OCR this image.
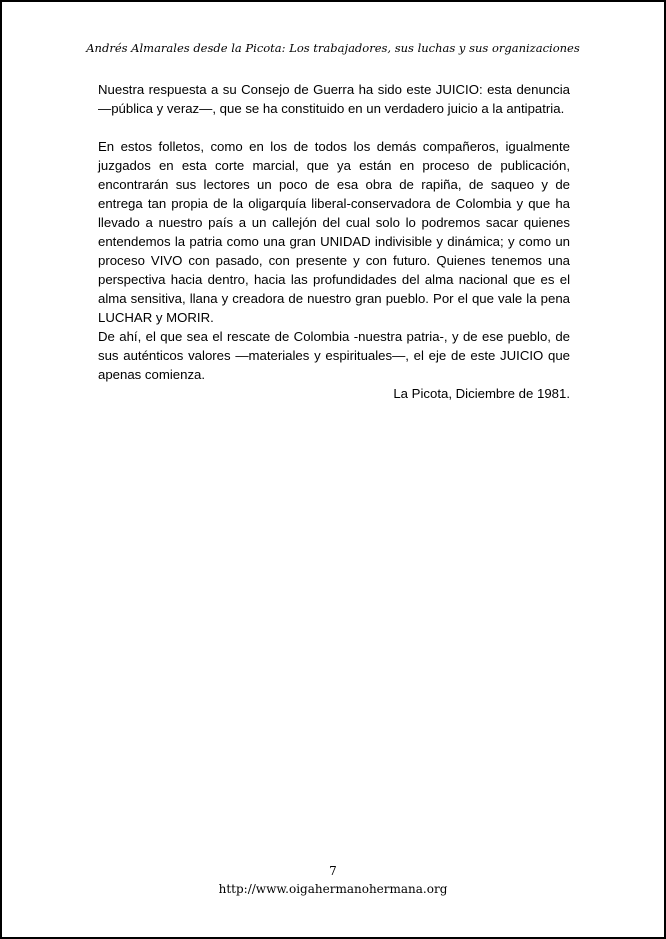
Andrés Almarales desde la Picota: Los trabajadores, sus luchas y sus organizaciones

Nuestra respuesta a su Consejo de Guerra ha sido este JUICIO: esta denuncia —pública y veraz—, que se ha constituido en un verdadero juicio a la antipatria.

En estos folletos, como en los de todos los demás compañeros, igualmente juzgados en esta corte marcial, que ya están en proceso de publicación, encontrarán sus lectores un poco de esa obra de rapiña, de saqueo y de entrega tan propia de la oligarquía liberal-conservadora de Colombia y que ha llevado a nuestro país a un callejón del cual solo lo podremos sacar quienes entendemos la patria como una gran UNIDAD indivisible y dinámica; y como un proceso VIVO con pasado, con presente y con futuro. Quienes tenemos una perspectiva hacia dentro, hacia las profundidades del alma nacional que es el alma sensitiva, llana y creadora de nuestro gran pueblo. Por el que vale la pena LUCHAR y MORIR.

De ahí, el que sea el rescate de Colombia -nuestra patria-, y de ese pueblo, de sus auténticos valores —materiales y espirituales—, el eje de este JUICIO que apenas comienza.

La Picota, Diciembre de 1981.

7
http://www.oigahermanohermana.org
